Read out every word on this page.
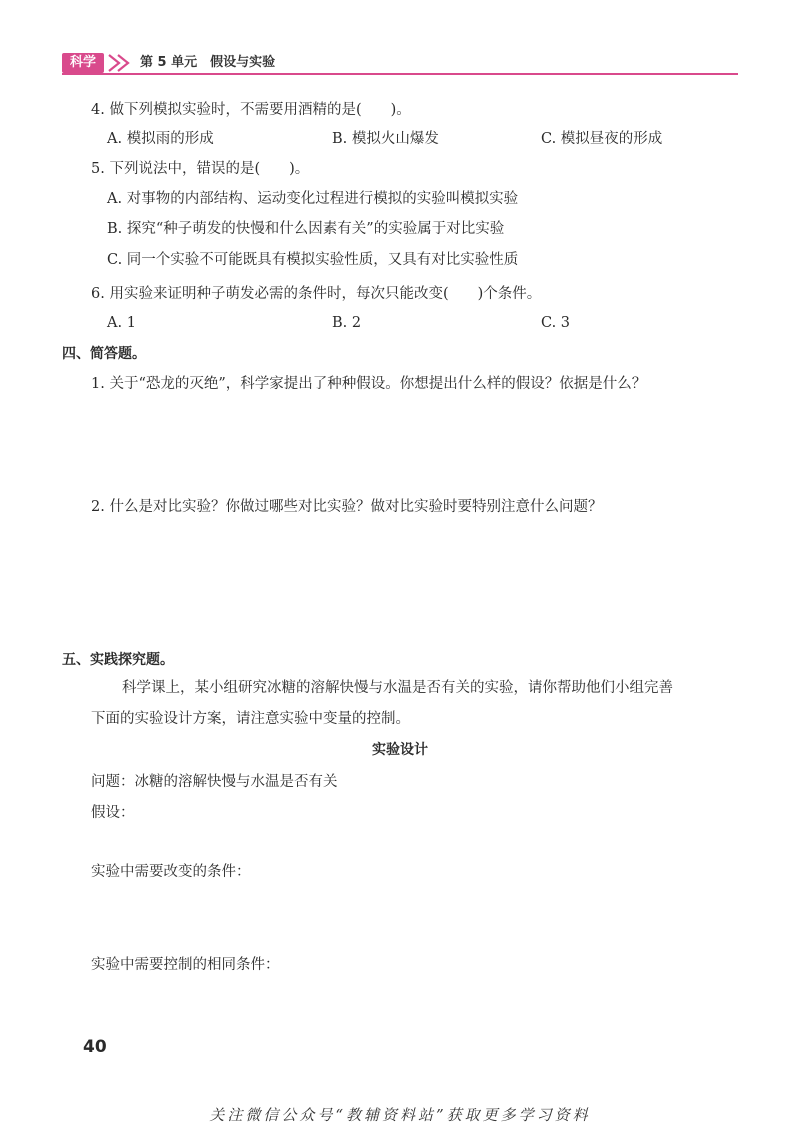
科学	第 5 单元　假设与实验
4. 做下列模拟实验时，不需要用酒精的是(　　)。
A. 模拟雨的形成	B. 模拟火山爆发	C. 模拟昼夜的形成
5. 下列说法中，错误的是(　　)。
A. 对事物的内部结构、运动变化过程进行模拟的实验叫模拟实验
B. 探究“种子萌发的快慢和什么因素有关”的实验属于对比实验
C. 同一个实验不可能既具有模拟实验性质，又具有对比实验性质
6. 用实验来证明种子萌发必需的条件时，每次只能改变(　　)个条件。
A. 1	B. 2	C. 3
四、简答题。
1. 关于“恐龙的灭绝”，科学家提出了种种假设。你想提出什么样的假设？依据是什么？
2. 什么是对比实验？你做过哪些对比实验？做对比实验时要特别注意什么问题？
五、实践探究题。
科学课上，某小组研究冰糖的溶解快慢与水温是否有关的实验，请你帮助他们小组完善
下面的实验设计方案，请注意实验中变量的控制。
实验设计
问题：冰糖的溶解快慢与水温是否有关
假设：
实验中需要改变的条件：
实验中需要控制的相同条件：
40
关注微信公众号“教辅资料站”获取更多学习资料
